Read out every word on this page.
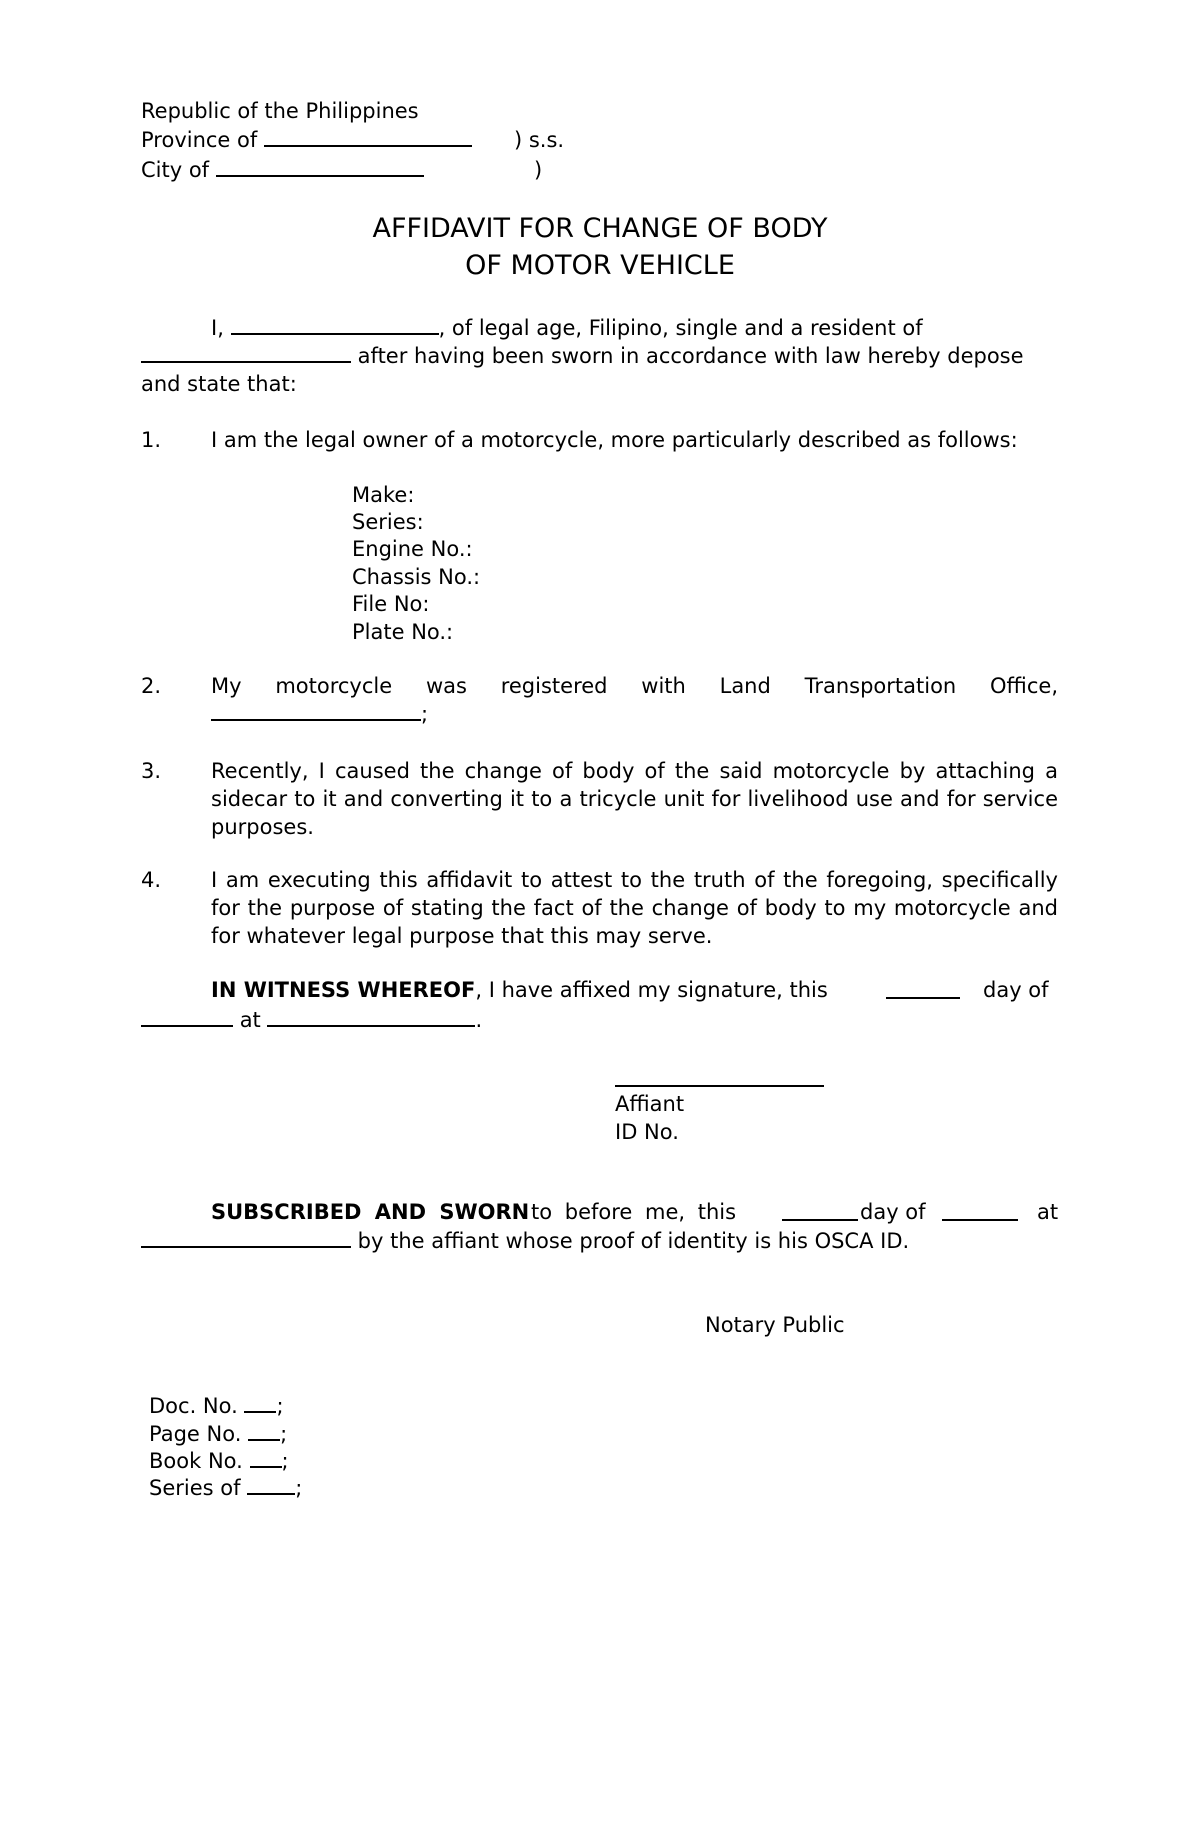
Republic of the Philippines
Province of	) s.s.
City of	)
AFFIDAVIT FOR CHANGE OF BODY
OF MOTOR VEHICLE
I,	, of legal age, Filipino, single and a resident of
after having been sworn in accordance with law hereby depose
and state that:
1. I am the legal owner of a motorcycle, more particularly described as follows:
Make:
Series:
Engine No.:
Chassis No.:
File No:
Plate No.:
2. My motorcycle was registered with Land Transportation Office,
;
3. Recently, I caused the change of body of the said motorcycle by attaching a sidecar to it and converting it to a tricycle unit for livelihood use and for service purposes.
4. I am executing this affidavit to attest to the truth of the foregoing, specifically for the purpose of stating the fact of the change of body to my motorcycle and for whatever legal purpose that this may serve.
IN WITNESS WHEREOF, I have affixed my signature, this	day of
at	.
Affiant
ID No.
SUBSCRIBED AND SWORN to before me, this	day of	at
by the affiant whose proof of identity is his OSCA ID.
Notary Public
Doc. No. ;
Page No. ;
Book No. ;
Series of	;
